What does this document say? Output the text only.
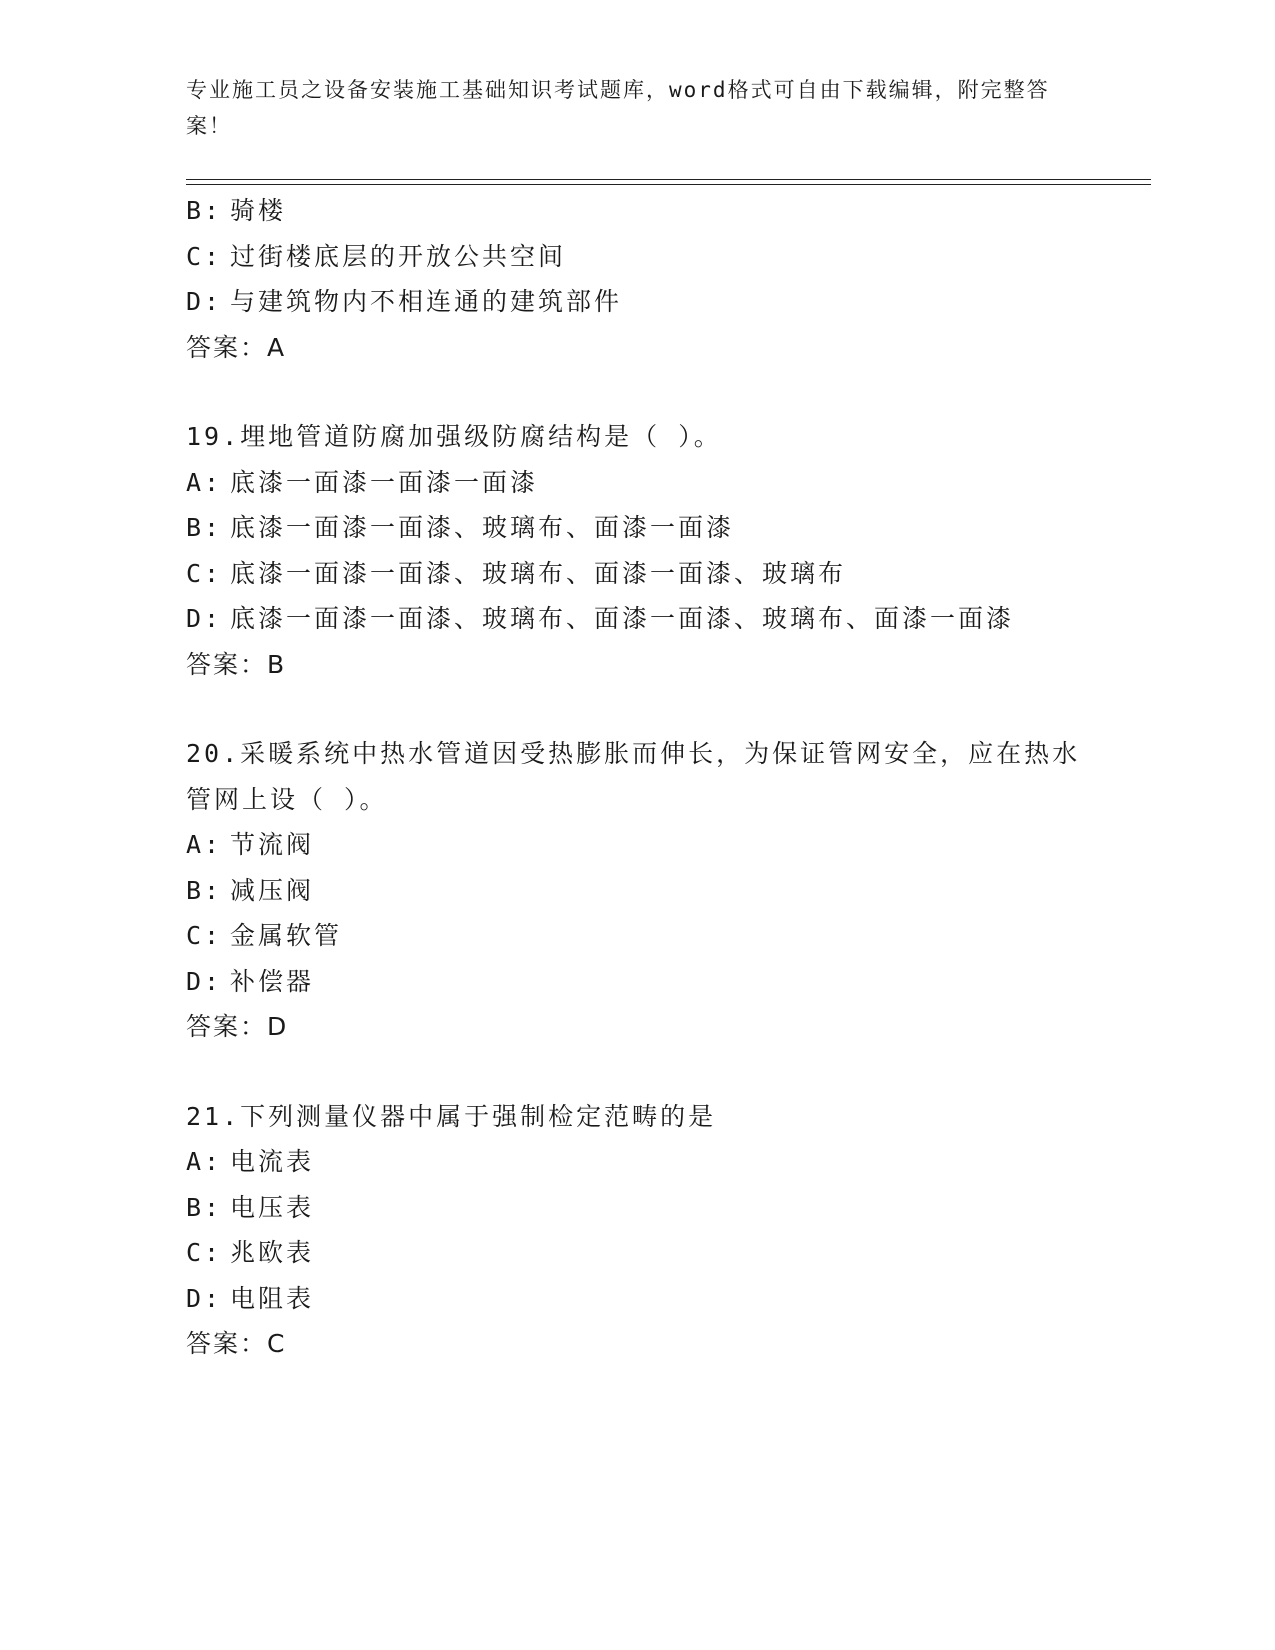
专业施工员之设备安装施工基础知识考试题库，word格式可自由下载编辑，附完整答案！
B: 骑楼
C: 过街楼底层的开放公共空间
D: 与建筑物内不相连通的建筑部件
答案：A
19.埋地管道防腐加强级防腐结构是（ ）。
A: 底漆一面漆一面漆一面漆
B: 底漆一面漆一面漆、玻璃布、面漆一面漆
C: 底漆一面漆一面漆、玻璃布、面漆一面漆、玻璃布
D: 底漆一面漆一面漆、玻璃布、面漆一面漆、玻璃布、面漆一面漆
答案：B
20.采暖系统中热水管道因受热膨胀而伸长，为保证管网安全，应在热水管网上设（ ）。
A: 节流阀
B: 减压阀
C: 金属软管
D: 补偿器
答案：D
21.下列测量仪器中属于强制检定范畴的是
A: 电流表
B: 电压表
C: 兆欧表
D: 电阻表
答案：C
